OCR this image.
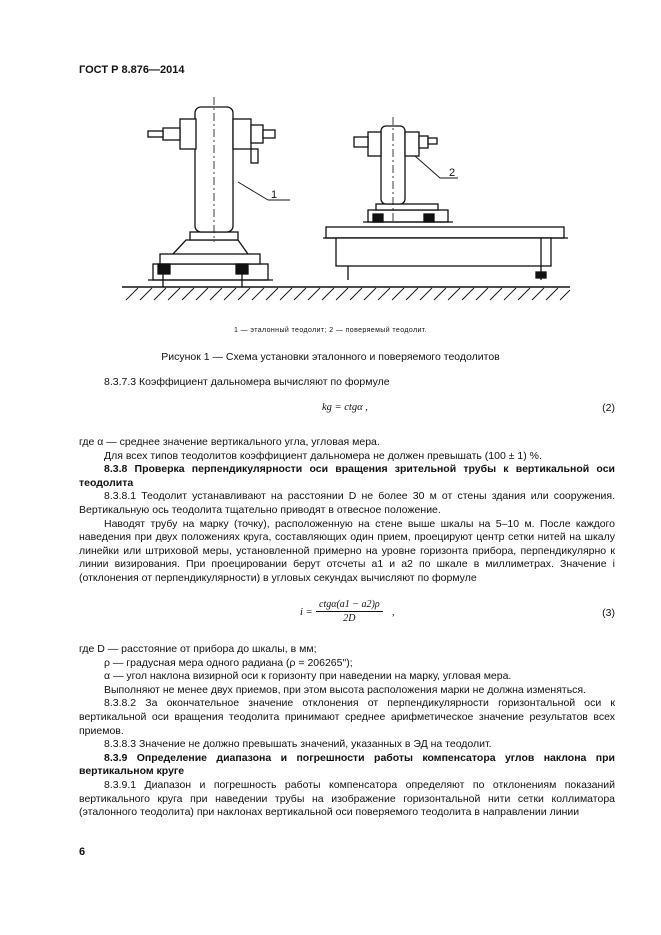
ГОСТ Р 8.876—2014
1
2
1 — эталонный теодолит; 2 — поверяемый теодолит.
Рисунок 1 — Схема установки эталонного и поверяемого теодолитов

8.3.7.3 Коэффициент дальномера вычисляют по формуле

kg = ctgα ,	(2)

где α — среднее значение вертикального угла, угловая мера.

Для всех типов теодолитов коэффициент дальномера не должен превышать (100 ± 1) %.

8.3.8 Проверка перпендикулярности оси вращения зрительной трубы к вертикальной оси теодолита

8.3.8.1 Теодолит устанавливают на расстоянии D не более 30 м от стены здания или сооружения. Вертикальную ось теодолита тщательно приводят в отвесное положение.

Наводят трубу на марку (точку), расположенную на стене выше шкалы на 5–10 м. После каждого наведения при двух положениях круга, составляющих один прием, проецируют центр сетки нитей на шкалу линейки или штриховой меры, установленной примерно на уровне горизонта прибора, перпендикулярно к линии визирования. При проецировании берут отсчеты a1 и a2 по шкале в миллиметрах. Значение i (отклонения от перпендикулярности) в угловых секундах вычисляют по формуле

$i = \frac{\text{ctgα(a1 − a2)ρ}}{2D}$ ,	(3)

где D — расстояние от прибора до шкалы, в мм;

ρ — градусная мера одного радиана (ρ = 206265");

α — угол наклона визирной оси к горизонту при наведении на марку, угловая мера.

Выполняют не менее двух приемов, при этом высота расположения марки не должна изменяться.

8.3.8.2 За окончательное значение отклонения от перпендикулярности горизонтальной оси к вертикальной оси вращения теодолита принимают среднее арифметическое значение результатов всех приемов.

8.3.8.3 Значение не должно превышать значений, указанных в ЭД на теодолит.

8.3.9 Определение диапазона и погрешности работы компенсатора углов наклона при вертикальном круге

8.3.9.1 Диапазон и погрешность работы компенсатора определяют по отклонениям показаний вертикального круга при наведении трубы на изображение горизонтальной нити сетки коллиматора (эталонного теодолита) при наклонах вертикальной оси поверяемого теодолита в направлении линии

6
